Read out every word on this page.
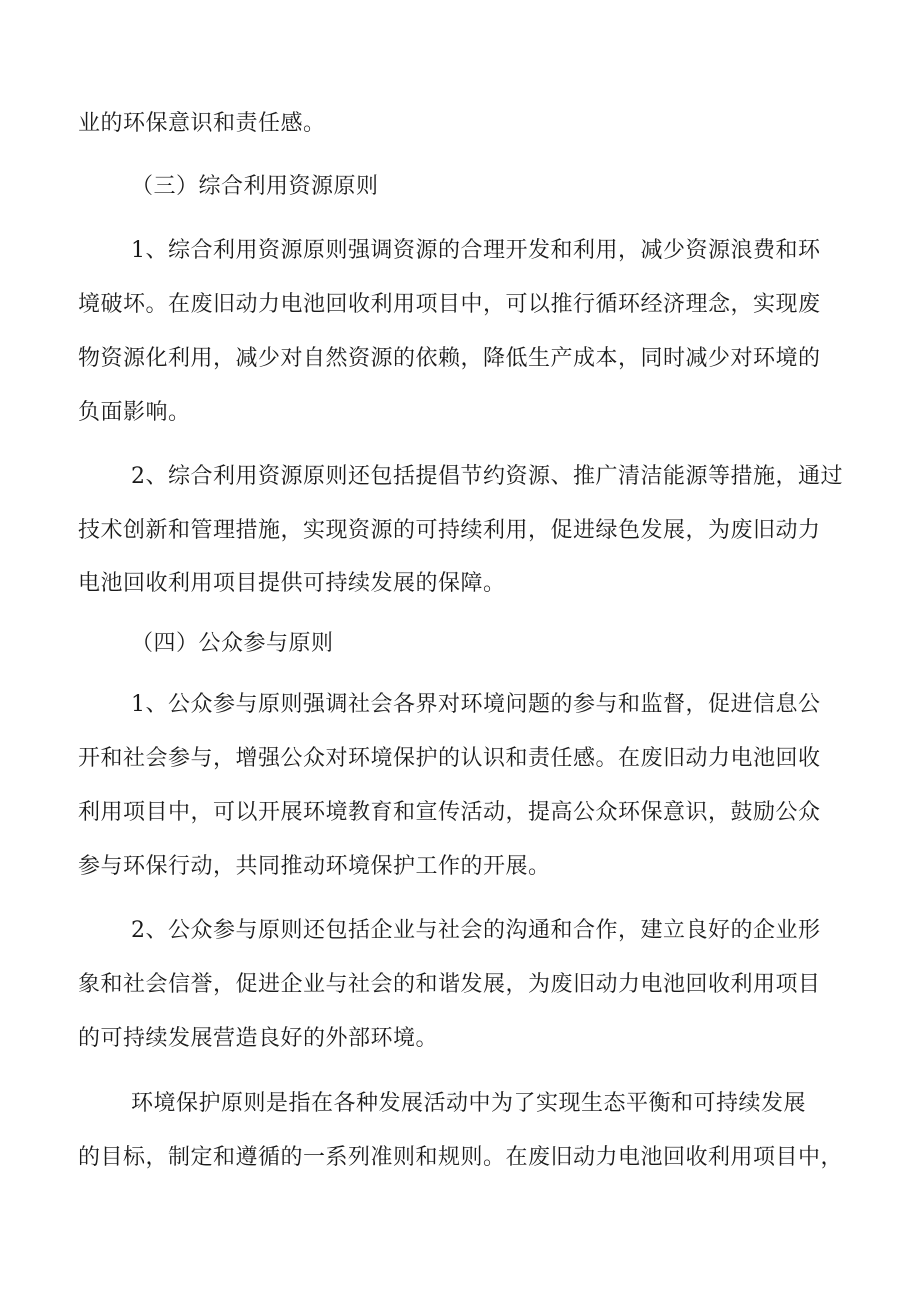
业的环保意识和责任感。
（三）综合利用资源原则
1、综合利用资源原则强调资源的合理开发和利用，减少资源浪费和环
境破坏。在废旧动力电池回收利用项目中，可以推行循环经济理念，实现废
物资源化利用，减少对自然资源的依赖，降低生产成本，同时减少对环境的
负面影响。
2、综合利用资源原则还包括提倡节约资源、推广清洁能源等措施，通过
技术创新和管理措施，实现资源的可持续利用，促进绿色发展，为废旧动力
电池回收利用项目提供可持续发展的保障。
（四）公众参与原则
1、公众参与原则强调社会各界对环境问题的参与和监督，促进信息公
开和社会参与，增强公众对环境保护的认识和责任感。在废旧动力电池回收
利用项目中，可以开展环境教育和宣传活动，提高公众环保意识，鼓励公众
参与环保行动，共同推动环境保护工作的开展。
2、公众参与原则还包括企业与社会的沟通和合作，建立良好的企业形
象和社会信誉，促进企业与社会的和谐发展，为废旧动力电池回收利用项目
的可持续发展营造良好的外部环境。
环境保护原则是指在各种发展活动中为了实现生态平衡和可持续发展
的目标，制定和遵循的一系列准则和规则。在废旧动力电池回收利用项目中，
